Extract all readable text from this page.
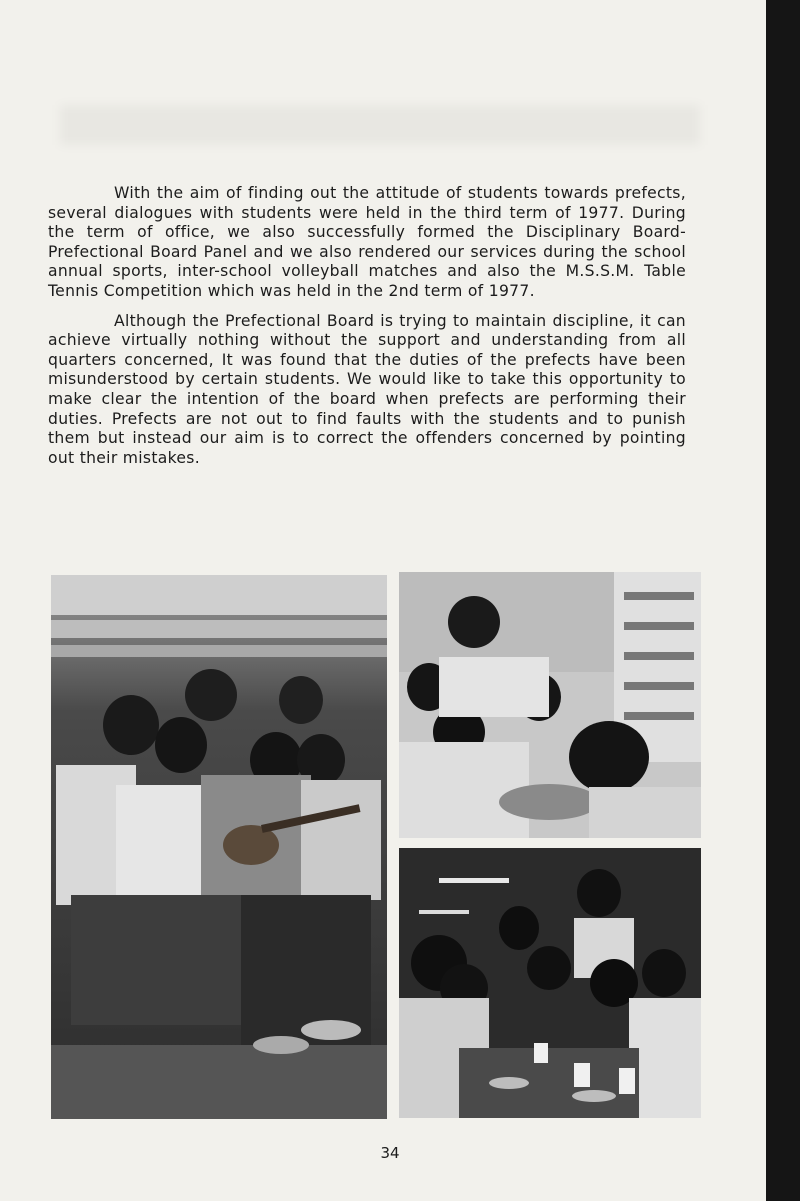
With the aim of finding out the attitude of students towards prefects, several dialogues with students were held in the third term of 1977. During the term of office, we also successfully formed the Disciplinary Board- Prefectional Board Panel and we also rendered our services during the school annual sports, inter-school volleyball matches and also the M.S.S.M. Table Tennis Competition which was held in the 2nd term of 1977.

Although the Prefectional Board is trying to maintain discipline, it can achieve virtually nothing without the support and understanding from all quarters concerned, It was found that the duties of the prefects have been misunderstood by certain students. We would like to take this opportunity to make clear the intention of the board when prefects are performing their duties. Prefects are not out to find faults with the students and to punish them but instead our aim is to correct the offenders concerned by pointing out their mistakes.

34
